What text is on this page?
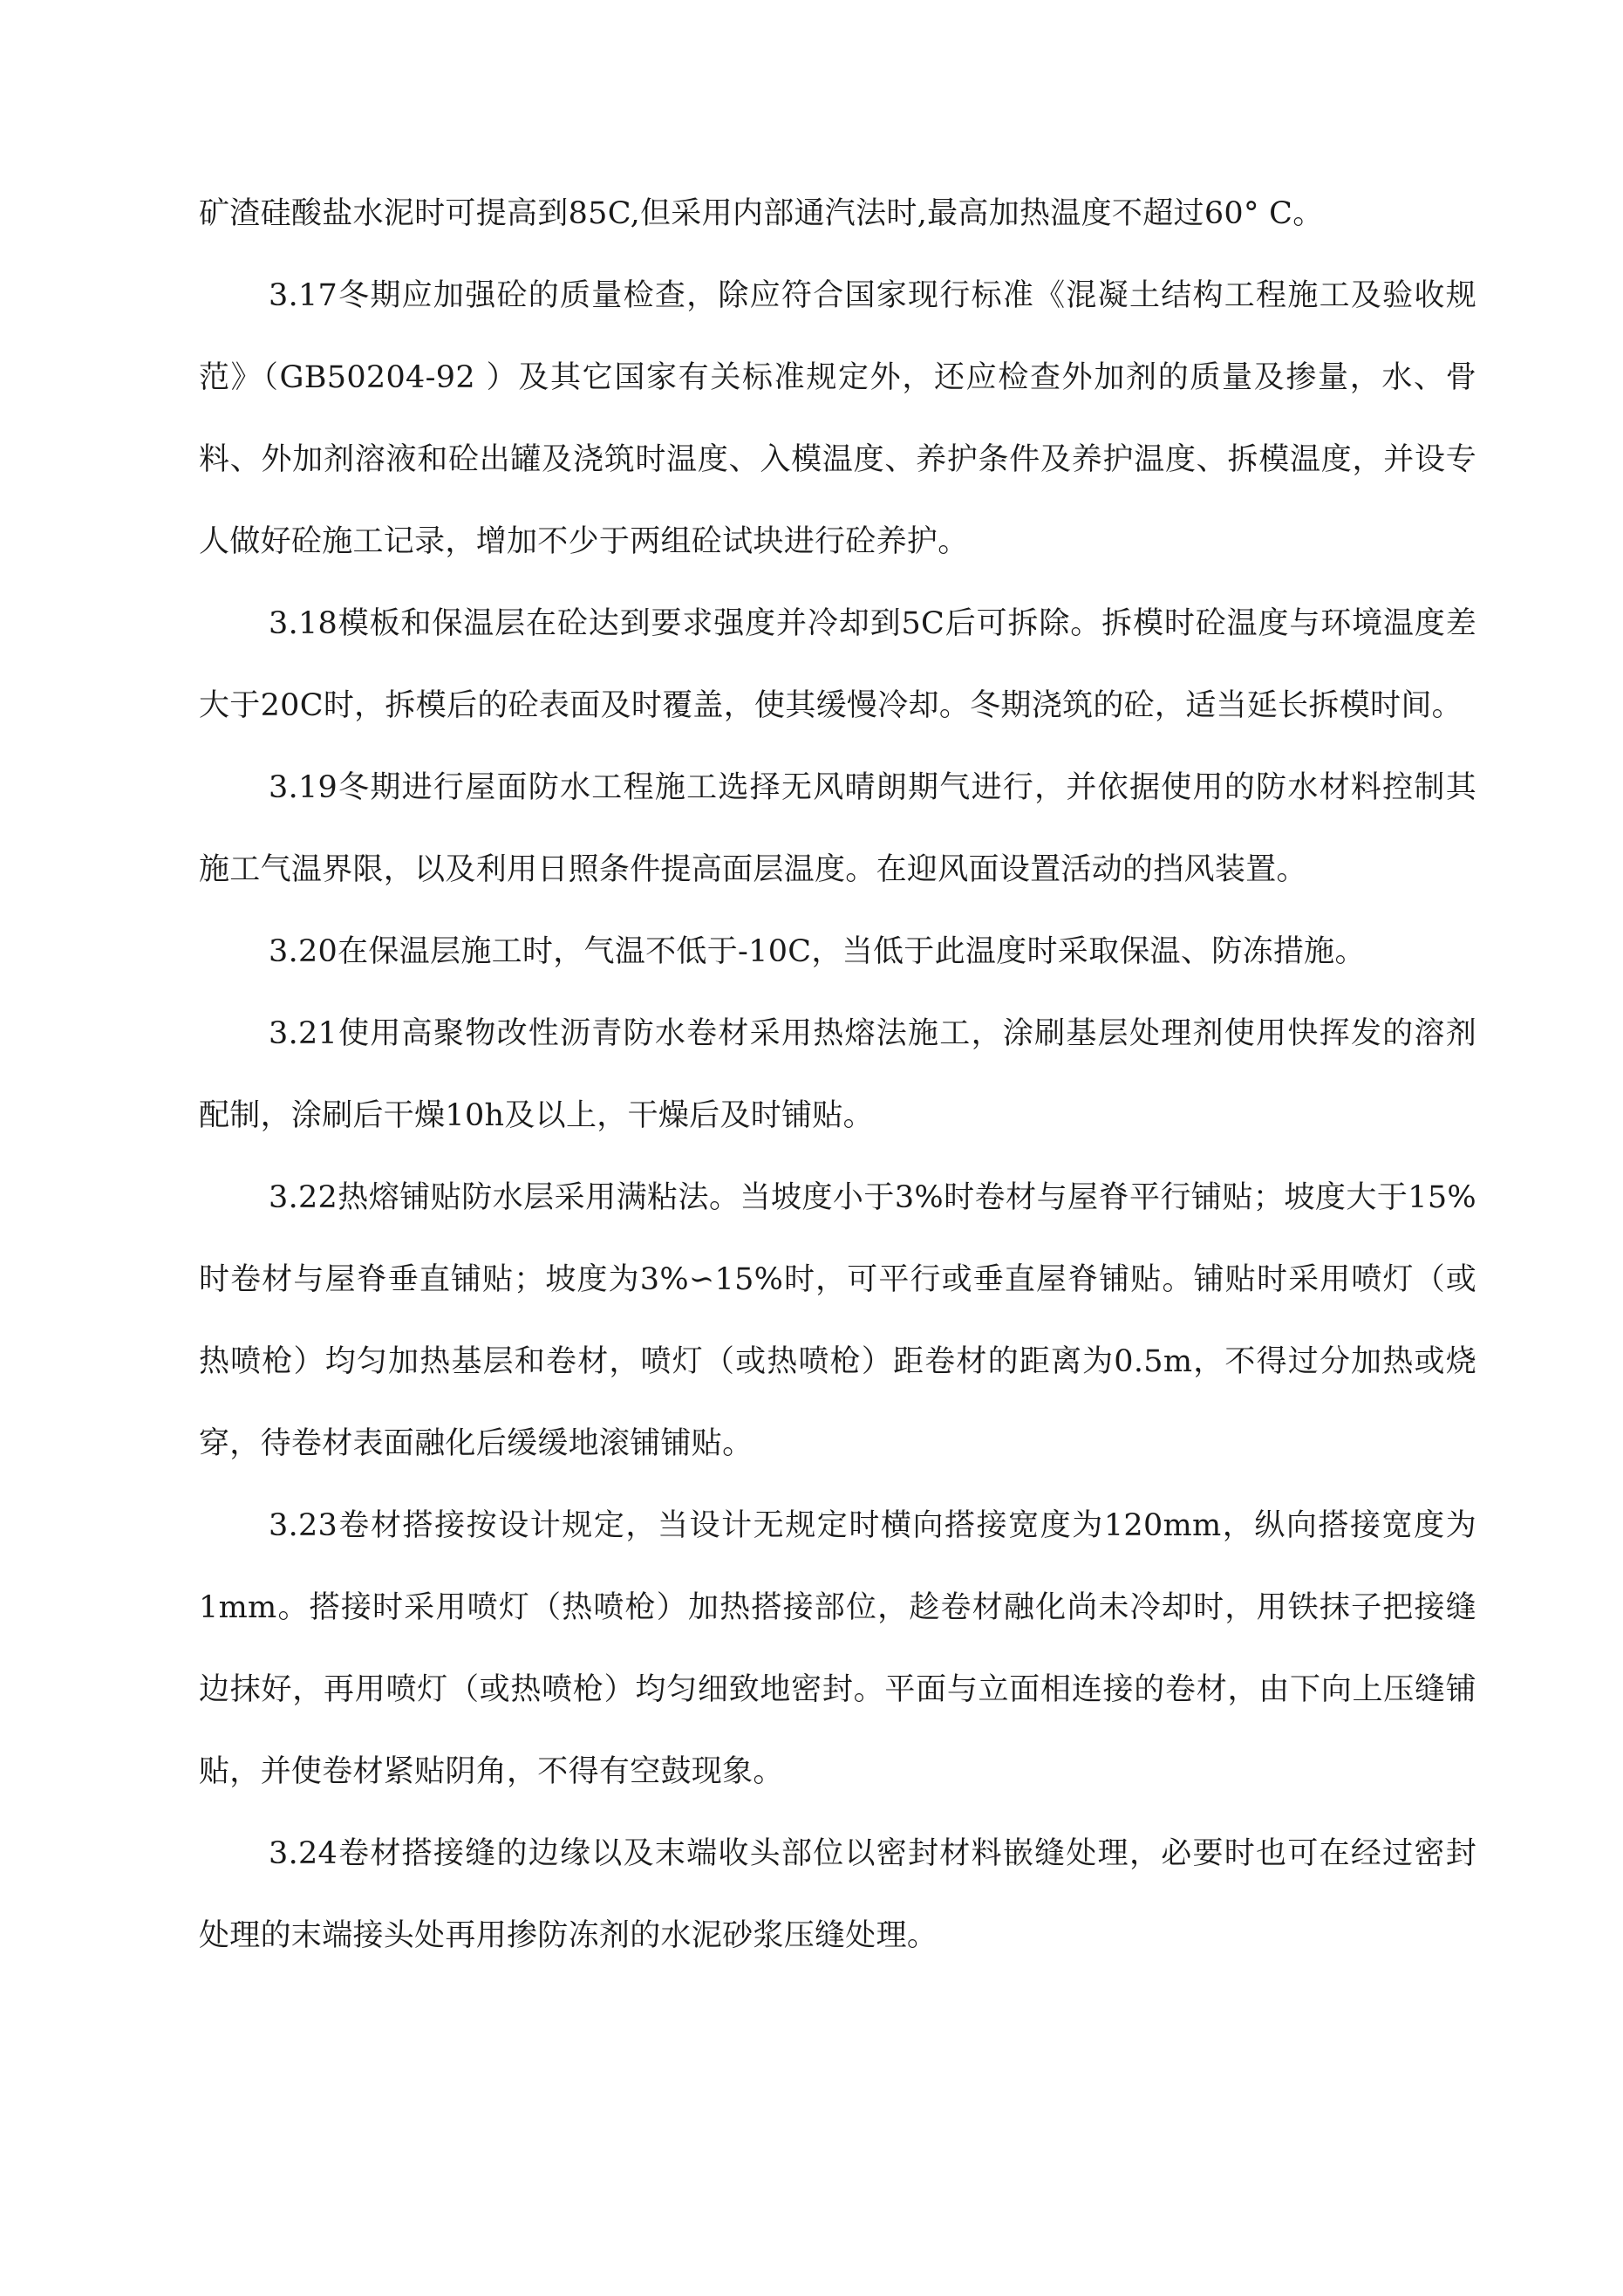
矿渣硅酸盐水泥时可提高到85C,但采用内部通汽法时,最高加热温度不超过60° C。

3.17冬期应加强砼的质量检查，除应符合国家现行标准《混凝土结构工程施工及验收规范》（GB50204-92 ）及其它国家有关标准规定外，还应检查外加剂的质量及掺量，水、骨料、外加剂溶液和砼出罐及浇筑时温度、入模温度、养护条件及养护温度、拆模温度，并设专人做好砼施工记录，增加不少于两组砼试块进行砼养护。

3.18模板和保温层在砼达到要求强度并冷却到5C后可拆除。拆模时砼温度与环境温度差大于20C时，拆模后的砼表面及时覆盖，使其缓慢冷却。冬期浇筑的砼，适当延长拆模时间。

3.19冬期进行屋面防水工程施工选择无风晴朗期气进行，并依据使用的防水材料控制其施工气温界限，以及利用日照条件提高面层温度。在迎风面设置活动的挡风装置。

3.20在保温层施工时，气温不低于-10C，当低于此温度时采取保温、防冻措施。

3.21使用高聚物改性沥青防水卷材采用热熔法施工，涂刷基层处理剂使用快挥发的溶剂配制，涂刷后干燥10h及以上，干燥后及时铺贴。

3.22热熔铺贴防水层采用满粘法。当坡度小于3%时卷材与屋脊平行铺贴；坡度大于15%时卷材与屋脊垂直铺贴；坡度为3%∽15%时，可平行或垂直屋脊铺贴。铺贴时采用喷灯（或热喷枪）均匀加热基层和卷材，喷灯（或热喷枪）距卷材的距离为0.5m，不得过分加热或烧穿，待卷材表面融化后缓缓地滚铺铺贴。

3.23卷材搭接按设计规定，当设计无规定时横向搭接宽度为120mm，纵向搭接宽度为1mm。搭接时采用喷灯（热喷枪）加热搭接部位，趁卷材融化尚未冷却时，用铁抹子把接缝边抹好，再用喷灯（或热喷枪）均匀细致地密封。平面与立面相连接的卷材，由下向上压缝铺贴，并使卷材紧贴阴角，不得有空鼓现象。

3.24卷材搭接缝的边缘以及末端收头部位以密封材料嵌缝处理，必要时也可在经过密封处理的末端接头处再用掺防冻剂的水泥砂浆压缝处理。
